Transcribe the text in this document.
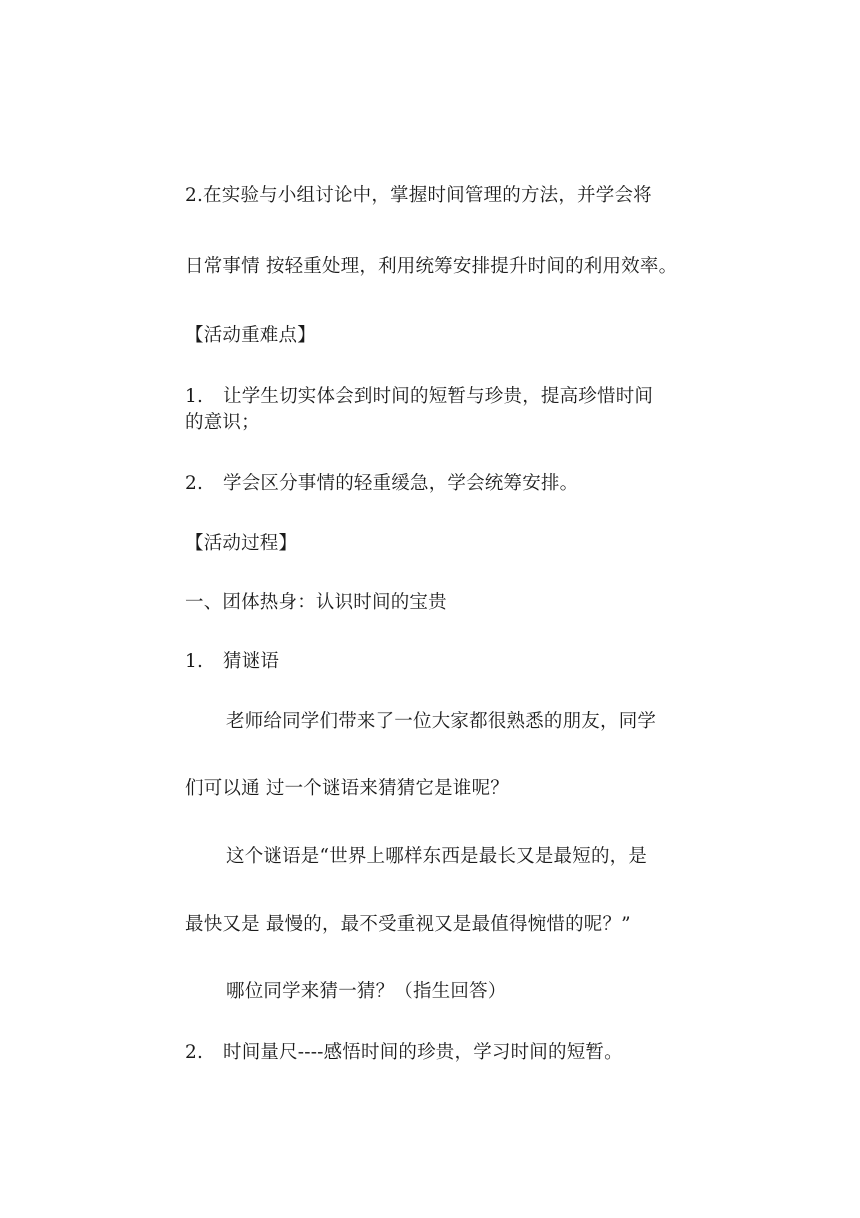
2.在实验与小组讨论中，掌握时间管理的方法，并学会将
日常事情 按轻重处理，利用统筹安排提升时间的利用效率。
【活动重难点】
1. 让学生切实体会到时间的短暂与珍贵，提高珍惜时间
的意识；
2. 学会区分事情的轻重缓急，学会统筹安排。
【活动过程】
一、团体热身：认识时间的宝贵
1. 猜谜语
老师给同学们带来了一位大家都很熟悉的朋友，同学
们可以通 过一个谜语来猜猜它是谁呢？
这个谜语是“世界上哪样东西是最长又是最短的，是
最快又是 最慢的，最不受重视又是最值得惋惜的呢？”
哪位同学来猜一猜？（指生回答）
2. 时间量尺----感悟时间的珍贵，学习时间的短暂。
